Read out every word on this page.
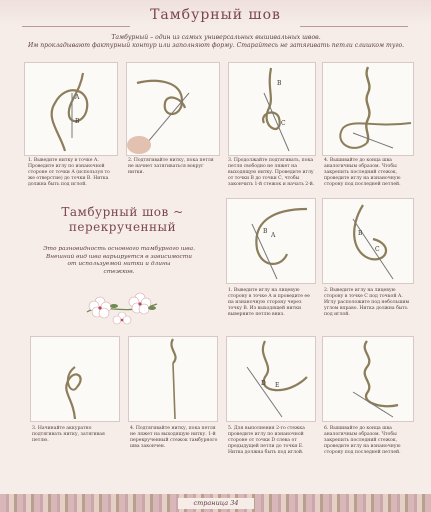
Тамбурный шов
Тамбурный – один из самых универсальных вышивальных швов.
Им прокладывают фактурный контур или заполняют форму. Старайтесь не затягивать петли слишком туго.
A
B
B
C
1. Выведите нитку в точке А. Проведите иглу по изнаночной стороне от точки А (используя то же отверстие) до точки В. Нитка должна быть под иглой.
2. Подтягивайте нитку, пока петля не начнет затягиваться вокруг нитки.
3. Продолжайте подтягивать, пока петля свободно не ляжет на выходящую нитку. Проведите иглу от точки В до точки С, чтобы закончить 1-й стежок и начать 2-й.
4. Вышивайте до конца шва аналогичным образом. Чтобы закрепить последний стежок, проведите иглу на изнаночную сторону под последней петлей.
Тамбурный шов ~
перекрученный
Это разновидность основного тамбурного шва.
Внешний вид шва варьируется в зависимости
от используемой нитки и длины
стежков.
B
A	B
C
1. Выведите иглу на лицевую сторону в точке А и проведите ее на изнаночную сторону через точку В. Из выходящей нитки выверните петлю вниз.
2. Выведите иглу на лицевую сторону в точке С под точкой А. Иглу расположите под небольшим углом вправо. Нитка должна быть под иглой.
D E
3. Начинайте аккуратно подтягивать нитку, затягивая петлю.
4. Подтягивайте нитку, пока петля не ляжет на выходящую нитку. 1-й перекрученный стежок тамбурного шва закончен.
5. Для выполнения 2-го стежка проведите иглу по изнаночной стороне от точки D слева от предыдущей петли до точки Е. Нитка должна быть под иглой.
6. Вышивайте до конца шва аналогичным образом. Чтобы закрепить последний стежок, проведите иглу на изнаночную сторону под последней петлей.
страница 34
